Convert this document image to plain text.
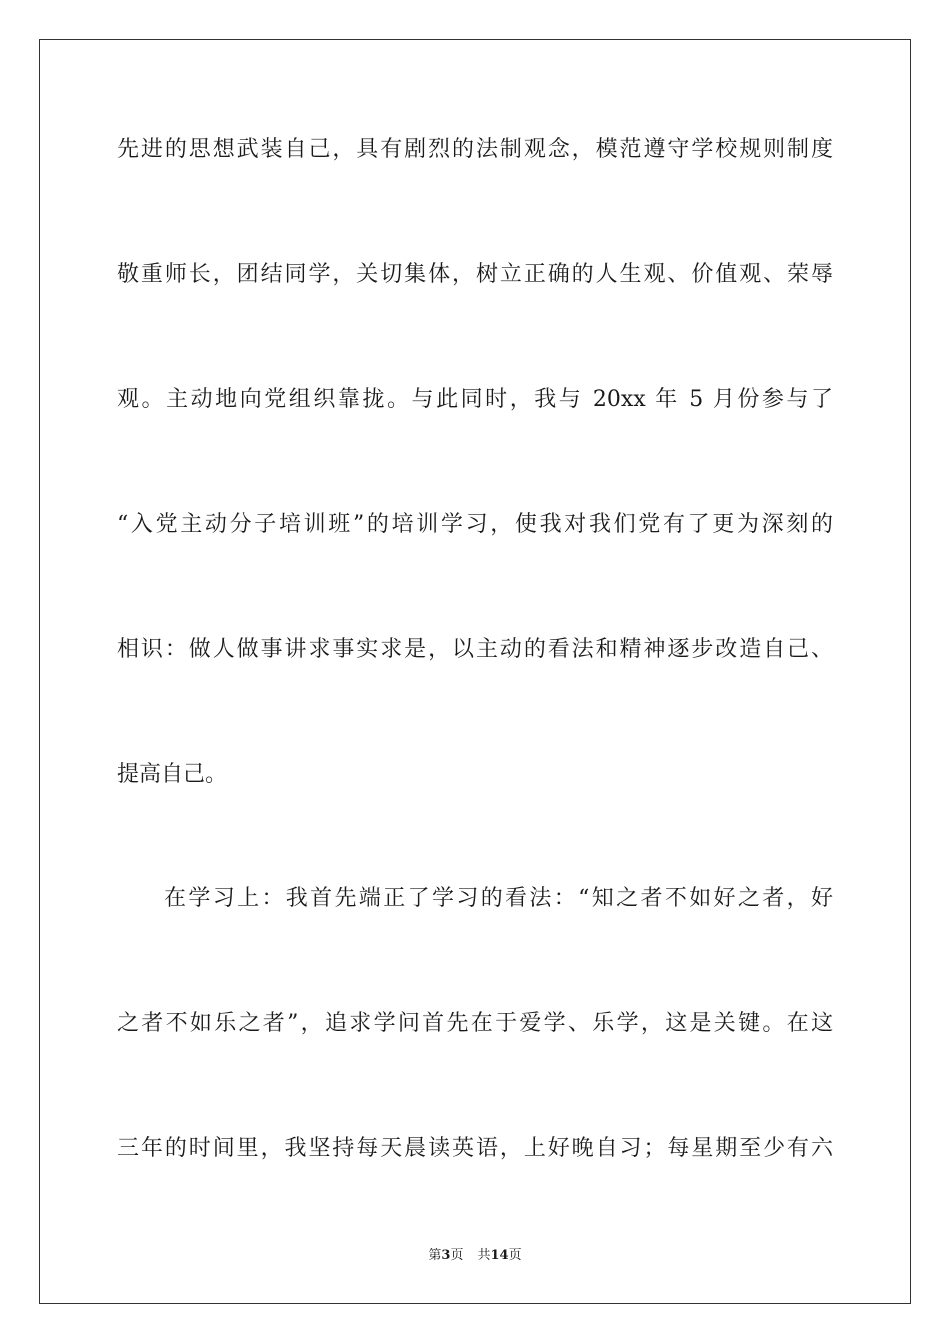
先进的思想武装自己，具有剧烈的法制观念，模范遵守学校规则制度
敬重师长，团结同学，关切集体，树立正确的人生观、价值观、荣辱
观。主动地向党组织靠拢。与此同时，我与 20xx 年 5 月份参与了
“入党主动分子培训班”的培训学习，使我对我们党有了更为深刻的
相识：做人做事讲求事实求是，以主动的看法和精神逐步改造自己、
提高自己。
在学习上：我首先端正了学习的看法：“知之者不如好之者，好
之者不如乐之者”，追求学问首先在于爱学、乐学，这是关键。在这
三年的时间里，我坚持每天晨读英语，上好晚自习；每星期至少有六
第3页 共14页
